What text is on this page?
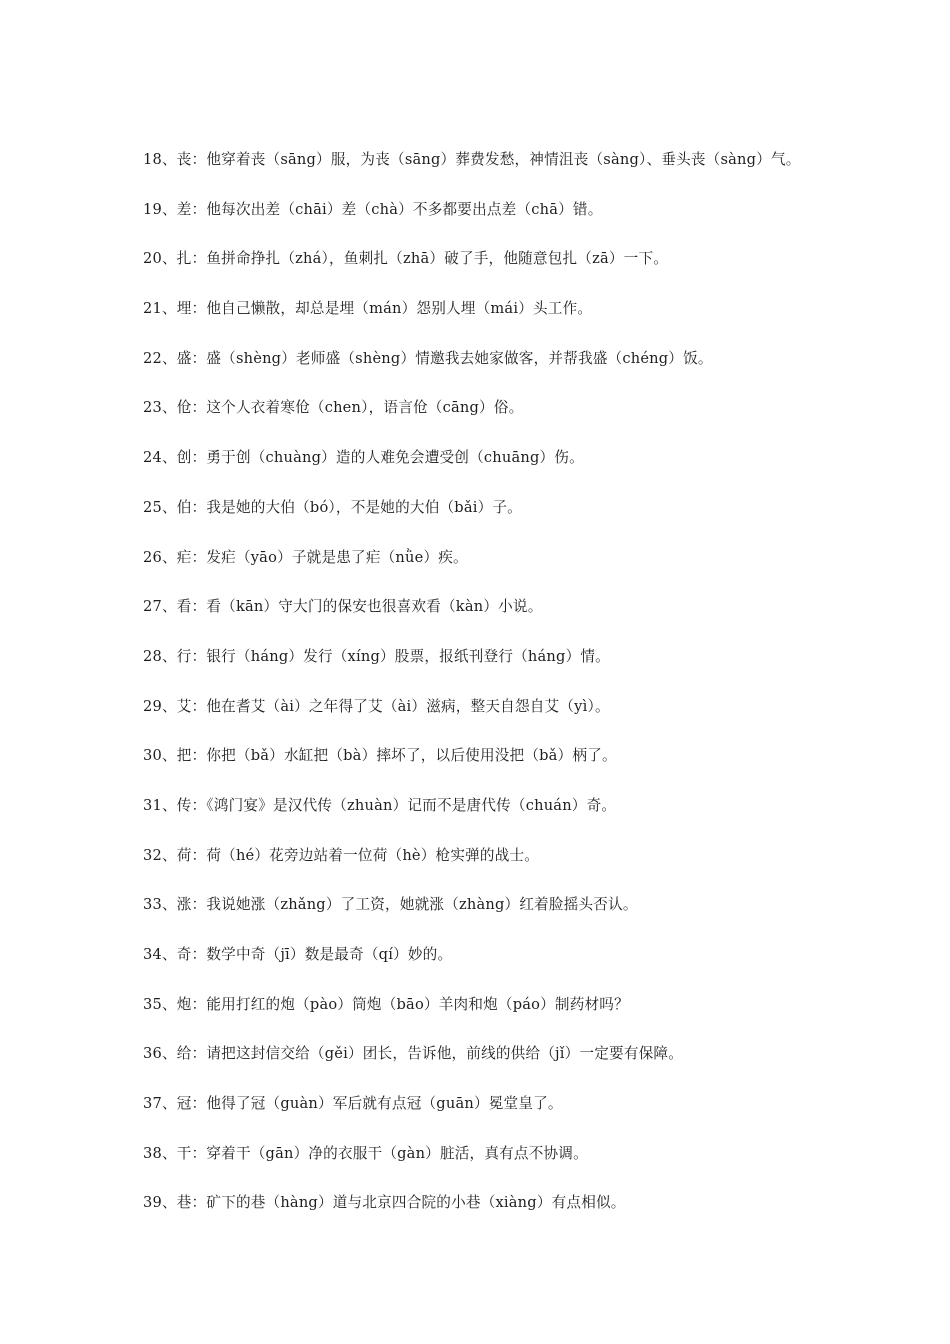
18、丧：他穿着丧（sāng）服，为丧（sāng）葬费发愁，神情沮丧（sàng）、垂头丧（sàng）气。
19、差：他每次出差（chāi）差（chà）不多都要出点差（chā）错。
20、扎：鱼拼命挣扎（zhá），鱼刺扎（zhā）破了手，他随意包扎（zā）一下。
21、埋：他自己懒散，却总是埋（mán）怨别人埋（mái）头工作。
22、盛：盛（shèng）老师盛（shèng）情邀我去她家做客，并帮我盛（chéng）饭。
23、伧：这个人衣着寒伧（chen），语言伧（cāng）俗。
24、创：勇于创（chuàng）造的人难免会遭受创（chuāng）伤。
25、伯：我是她的大伯（bó），不是她的大伯（bǎi）子。
26、疟：发疟（yāo）子就是患了疟（nǜe）疾。
27、看：看（kān）守大门的保安也很喜欢看（kàn）小说。
28、行：银行（háng）发行（xíng）股票，报纸刊登行（háng）情。
29、艾：他在耆艾（ài）之年得了艾（ài）滋病，整天自怨自艾（yì）。
30、把：你把（bǎ）水缸把（bà）摔坏了，以后使用没把（bǎ）柄了。
31、传：《鸿门宴》是汉代传（zhuàn）记而不是唐代传（chuán）奇。
32、荷：荷（hé）花旁边站着一位荷（hè）枪实弹的战士。
33、涨：我说她涨（zhǎng）了工资，她就涨（zhàng）红着脸摇头否认。
34、奇：数学中奇（jī）数是最奇（qí）妙的。
35、炮：能用打红的炮（pào）筒炮（bāo）羊肉和炮（páo）制药材吗？
36、给：请把这封信交给（gěi）团长，告诉他，前线的供给（jǐ）一定要有保障。
37、冠：他得了冠（guàn）军后就有点冠（guān）冕堂皇了。
38、干：穿着干（gān）净的衣服干（gàn）脏活，真有点不协调。
39、巷：矿下的巷（hàng）道与北京四合院的小巷（xiàng）有点相似。
